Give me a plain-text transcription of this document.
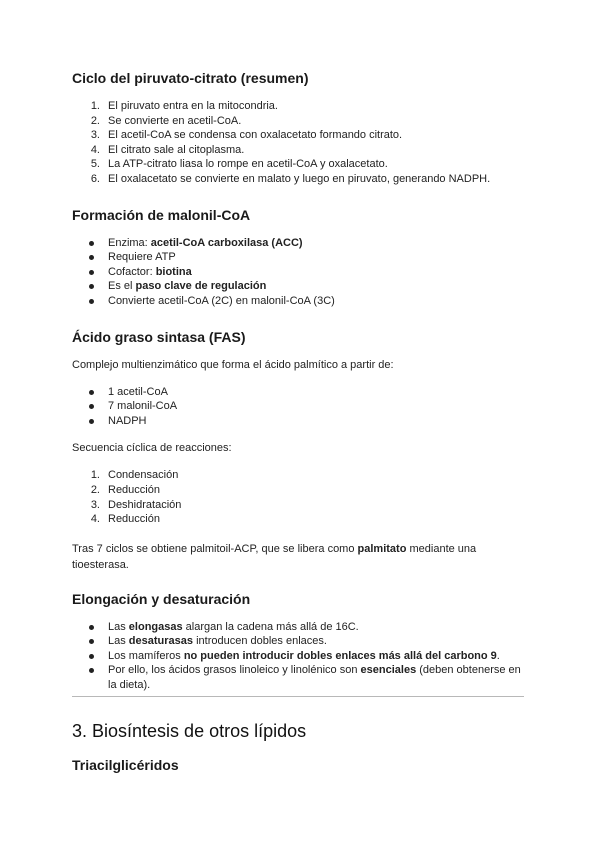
Ciclo del piruvato-citrato (resumen)
1. El piruvato entra en la mitocondria.
2. Se convierte en acetil-CoA.
3. El acetil-CoA se condensa con oxalacetato formando citrato.
4. El citrato sale al citoplasma.
5. La ATP-citrato liasa lo rompe en acetil-CoA y oxalacetato.
6. El oxalacetato se convierte en malato y luego en piruvato, generando NADPH.
Formación de malonil-CoA
Enzima: acetil-CoA carboxilasa (ACC)
Requiere ATP
Cofactor: biotina
Es el paso clave de regulación
Convierte acetil-CoA (2C) en malonil-CoA (3C)
Ácido graso sintasa (FAS)

Complejo multienzimático que forma el ácido palmítico a partir de:

1 acetil-CoA
7 malonil-CoA
NADPH

Secuencia cíclica de reacciones:

1. Condensación
2. Reducción
3. Deshidratación
4. Reducción

Tras 7 ciclos se obtiene palmitoil-ACP, que se libera como palmitato mediante una tioesterasa.

Elongación y desaturación
Las elongasas alargan la cadena más allá de 16C.
Las desaturasas introducen dobles enlaces.
Los mamíferos no pueden introducir dobles enlaces más allá del carbono 9.
Por ello, los ácidos grasos linoleico y linolénico son esenciales (deben obtenerse en la dieta).
3. Biosíntesis de otros lípidos
Triacilglicéridos
